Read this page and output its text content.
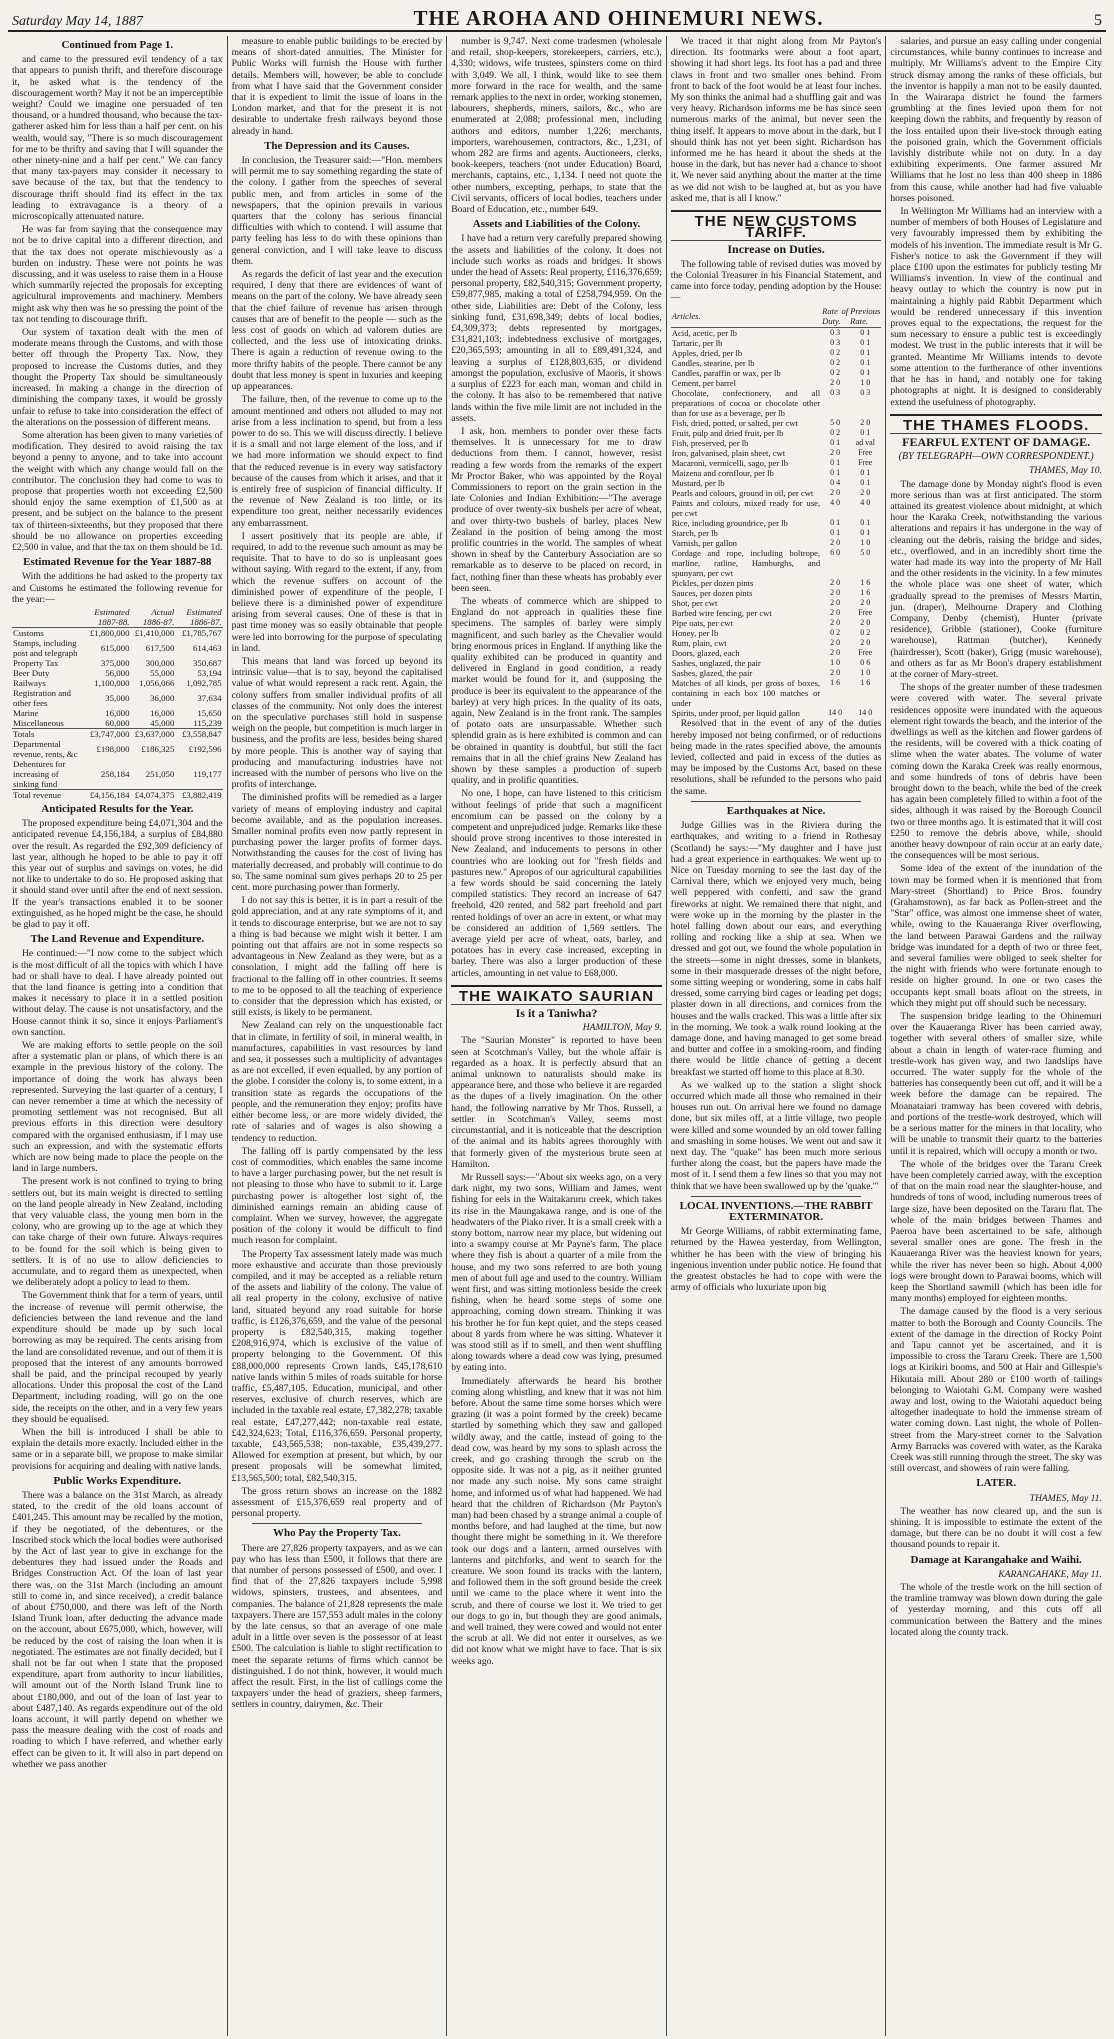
Saturday May 14, 1887	THE AROHA AND OHINEMURI NEWS.	5
Continued from Page 1.

and came to the pressured evil tendency of a tax that appears to punish thrift, and therefore discourage it, he asked what is the tendency of the discouragement worth? May it not be an imperceptible weight? Could we imagine one persuaded of ten thousand, or a hundred thousand, who because the tax-gatherer asked him for less than a half per cent. on his wealth, would say, "There is so much discouragement for me to be thrifty and saving that I will squander the other ninety-nine and a half per cent." We can fancy that many tax-payers may consider it necessary to save because of the tax, but that the tendency to discourage thrift should find its effect in the tax leading to extravagance is a theory of a microscopically attenuated nature.

He was far from saying that the consequence may not be to drive capital into a different direction, and that the tax does not operate mischievously as a burden on industry. These were not points he was discussing, and it was useless to raise them in a House which summarily rejected the proposals for excepting agricultural improvements and machinery. Members might ask why then was he so pressing the point of the tax not tending to discourage thrift.

Our system of taxation dealt with the men of moderate means through the Customs, and with those better off through the Property Tax. Now, they proposed to increase the Customs duties, and they thought the Property Tax should be simultaneously increased. In making a change in the direction of diminishing the company taxes, it would be grossly unfair to refuse to take into consideration the effect of the alterations on the possession of different means.

Some alteration has been given to many varieties of modification. They desired to avoid raising the tax beyond a penny to anyone, and to take into account the weight with which any change would fall on the contributor. The conclusion they had come to was to propose that properties worth not exceeding £2,500 should enjoy the same exemption of £1,500 as at present, and be subject on the balance to the present tax of thirteen-sixteenths, but they proposed that there should be no allowance on properties exceeding £2,500 in value, and that the tax on them should be 1d.

Estimated Revenue for the Year 1887-88

With the additions he had asked to the property tax and Customs he estimated the following revenue for the year:—

	Estimated 1887-88.	Actual 1886-87.	Estimated 1886-87.
Customs	£1,800,000	£1,410,000	£1,785,767
Stamps, including post and telegraph	615,000	617,500	614,463
Property Tax	375,000	300,000	350,687
Beer Duty	56,000	55,000	53,194
Railways	1,100,000	1,056,066	1,092,785
Registration and other fees	35,000	36,000	37,634
Marine	16,000	16,000	15,650
Miscellaneous	60,000	45,000	115,239
Totals	£3,747,000	£3,637,000	£3,558,847
Departmental revenue, rents, &c	£198,000	£186,325	£192,596
Debentures for increasing of sinking fund	258,184	251,050	119,177
Total revenue	£4,156,184	£4,074,375	£3,882,419
Anticipated Results for the Year.

The proposed expenditure being £4,071,304 and the anticipated revenue £4,156,184, a surplus of £84,880 over the result. As regarded the £92,309 deficiency of last year, although he hoped to be able to pay it off this year out of surplus and savings on votes, he did not like to undertake to do so. He proposed asking that it should stand over until after the end of next session. If the year's transactions enabled it to be sooner extinguished, as he hoped might be the case, he should be glad to pay it off.

The Land Revenue and Expenditure.

He continued:—"I now come to the subject which is the most difficult of all the topics with which I have had or shall have to deal. I have already pointed out that the land finance is getting into a condition that makes it necessary to place it in a settled position without delay. The cause is not unsatisfactory, and the House cannot think it so, since it enjoys Parliament's own sanction.

We are making efforts to settle people on the soil after a systematic plan or plans, of which there is an example in the previous history of the colony. The importance of doing the work has always been represented. Surveying the last quarter of a century, I can never remember a time at which the necessity of promoting settlement was not recognised. But all previous efforts in this direction were desultory compared with the organised enthusiasm, if I may use such an expression, and with the systematic efforts which are now being made to place the people on the land in large numbers.

The present work is not confined to trying to bring settlers out, but its main weight is directed to settling on the land people already in New Zealand, including that very valuable class, the young men born in the colony, who are growing up to the age at which they can take charge of their own future. Always requires to be found for the soil which is being given to settlers. It is of no use to allow deficiencies to accumulate, and to regard them as unexpected, when we deliberately adopt a policy to lead to them.

The Government think that for a term of years, until the increase of revenue will permit otherwise, the deficiencies between the land revenue and the land expenditure should be made up by such local borrowing as may be required. The cents arising from the land are consolidated revenue, and out of them it is proposed that the interest of any amounts borrowed shall be paid, and the principal recouped by yearly allocations. Under this proposal the cost of the Land Department, including roading, will go on the one side, the receipts on the other, and in a very few years they should be equalised.

When the bill is introduced I shall be able to explain the details more exactly. Included either in the same or in a separate bill, we propose to make similar provisions for acquiring and dealing with native lands.

Public Works Expenditure.

There was a balance on the 31st March, as already stated, to the credit of the old loans account of £401,245. This amount may be recalled by the motion, if they be negotiated, of the debentures, or the Inscribed stock which the local bodies were authorised by the Act of last year to give in exchange for the debentures they had issued under the Roads and Bridges Construction Act. Of the loan of last year there was, on the 31st March (including an amount still to come in, and since received), a credit balance of about £750,000, and there was left of the North Island Trunk loan, after deducting the advance made on the account, about £675,000, which, however, will be reduced by the cost of raising the loan when it is negotiated. The estimates are not finally decided, but I shall not be far out when I state that the proposed expenditure, apart from authority to incur liabilities, will amount out of the North Island Trunk line to about £180,000, and out of the loan of last year to about £487,140. As regards expenditure out of the old loans account, it will partly depend on whether we pass the measure dealing with the cost of roads and roading to which I have referred, and whether early effect can be given to it. It will also in part depend on whether we pass another

measure to enable public buildings to be erected by means of short-dated annuities. The Minister for Public Works will furnish the House with further details. Members will, however, be able to conclude from what I have said that the Government consider that it is expedient to limit the issue of loans in the London market, and that for the present it is not desirable to undertake fresh railways beyond those already in hand.

The Depression and its Causes.

In conclusion, the Treasurer said:—"Hon. members will permit me to say something regarding the state of the colony. I gather from the speeches of several public men, and from articles in some of the newspapers, that the opinion prevails in various quarters that the colony has serious financial difficulties with which to contend. I will assume that party feeling has less to do with these opinions than general conviction, and I will take leave to discuss them.

As regards the deficit of last year and the execution required, I deny that there are evidences of want of means on the part of the colony. We have already seen that the chief failure of revenue has arisen through causes that are of benefit to the people — such as the less cost of goods on which ad valorem duties are collected, and the less use of intoxicating drinks. There is again a reduction of revenue owing to the more thrifty habits of the people. There cannot be any doubt that less money is spent in luxuries and keeping up appearances.

The failure, then, of the revenue to come up to the amount mentioned and others not alluded to may not arise from a less inclination to spend, but from a less power to do so. This we will discuss directly. I believe it is a small and not large element of the loss, and if we had more information we should expect to find that the reduced revenue is in every way satisfactory because of the causes from which it arises, and that it is entirely free of suspicion of financial difficulty. If the revenue of New Zealand is too little, or its expenditure too great, neither necessarily evidences any embarrassment.

I assert positively that its people are able, if required, to add to the revenue such amount as may be requisite. That to have to do so is unpleasant goes without saying. With regard to the extent, if any, from which the revenue suffers on account of the diminished power of expenditure of the people, I believe there is a diminished power of expenditure arising from several causes. One of these is that in past time money was so easily obtainable that people were led into borrowing for the purpose of speculating in land.

This means that land was forced up beyond its intrinsic value—that is to say, beyond the capitalised value of what would represent a rack rent. Again, the colony suffers from smaller individual profits of all classes of the community. Not only does the interest on the speculative purchases still hold in suspense weigh on the people, but competition is much larger in business, and the profits are less, besides being shared by more people. This is another way of saying that producing and manufacturing industries have not increased with the number of persons who live on the profits of interchange.

The diminished profits will be remedied as a larger variety of means of employing industry and capital become available, and as the population increases. Smaller nominal profits even now partly represent in purchasing power the larger profits of former days. Notwithstanding the causes for the cost of living has materially decreased, and probably will continue to do so. The same nominal sum gives perhaps 20 to 25 per cent. more purchasing power than formerly.

I do not say this is better, it is in part a result of the gold appreciation, and at any rate symptoms of it, and it tends to discourage enterprise, but we are not to say a thing is bad because we might wish it better. I am pointing out that affairs are not in some respects so advantageous in New Zealand as they were, but as a consolation, I might add the falling off here is fractional to the falling off in other countries. It seems to me to be opposed to all the teaching of experience to consider that the depression which has existed, or still exists, is likely to be permanent.

New Zealand can rely on the unquestionable fact that in climate, in fertility of soil, in mineral wealth, in manufactures, capabilities in vast resources by land and sea, it possesses such a multiplicity of advantages as are not excelled, if even equalled, by any portion of the globe. I consider the colony is, to some extent, in a transition state as regards the occupations of the people, and the remuneration they enjoy; profits have either become less, or are more widely divided, the rate of salaries and of wages is also showing a tendency to reduction.

The falling off is partly compensated by the less cost of commodities, which enables the same income to have a larger purchasing power, but the net result is not pleasing to those who have to submit to it. Large purchasing power is altogether lost sight of, the diminished earnings remain an abiding cause of complaint. When we survey, however, the aggregate position of the colony it would be difficult to find much reason for complaint.

The Property Tax assessment lately made was much more exhaustive and accurate than those previously compiled, and it may be accepted as a reliable return of the assets and liability of the colony. The value of all real property in the colony, exclusive of native land, situated beyond any road suitable for horse traffic, is £126,376,659, and the value of the personal property is £82,540,315, making together £208,916,974, which is exclusive of the value of property belonging to the Government. Of this £88,000,000 represents Crown lands, £45,178,610 native lands within 5 miles of roads suitable for horse traffic, £5,487,105. Education, municipal, and other reserves, exclusive of church reserves, which are included in the taxable real estate, £7,382,278; taxable real estate, £47,277,442; non-taxable real estate, £42,324,623; Total, £116,376,659. Personal property, taxable, £43,565,538; non-taxable, £35,439,277. Allowed for exemption at present, but which, by our present proposals will be somewhat limited, £13,565,500; total, £82,540,315.

The gross return shows an increase on the 1882 assessment of £15,376,659 real property and of personal property.

Who Pay the Property Tax.

There are 27,826 property taxpayers, and as we can pay who has less than £500, it follows that there are that number of persons possessed of £500, and over. I find that of the 27,826 taxpayers include 5,998 widows, spinsters, trustees, and absentees, and companies. The balance of 21,828 represents the male taxpayers. There are 157,553 adult males in the colony by the late census, so that an average of one male adult in a little over seven is the possessor of at least £500. The calculation is liable to slight rectification to meet the separate returns of firms which cannot be distinguished. I do not think, however, it would much affect the result. First, in the list of callings come the taxpayers under the head of graziers, sheep farmers, settlers in country, dairymen, &c. Their

number is 9,747. Next come tradesmen (wholesale and retail, shop-keepers, storekeepers, carriers, etc.), 4,330; widows, wife trustees, spinsters come on third with 3,049. We all, I think, would like to see them more forward in the race for wealth, and the same remark applies to the next in order, working stonemen, labourers, shepherds, miners, sailors, &c., who are enumerated at 2,088; professional men, including authors and editors, number 1,226; merchants, importers, warehousemen, contractors, &c., 1,231, of whom 282 are firms and agents. Auctioneers, clerks, book-keepers, teachers (not under Education) Board, merchants, captains, etc., 1,134. I need not quote the other numbers, excepting, perhaps, to state that the Civil servants, officers of local bodies, teachers under Board of Education, etc., number 649.

Assets and Liabilities of the Colony.

I have had a return very carefully prepared showing the assets and liabilities of the colony. It does not include such works as roads and bridges. It shows under the head of Assets: Real property, £116,376,659; personal property, £82,540,315; Government property, £59,877,985, making a total of £258,794,959. On the other side, Liabilities are: Debt of the Colony, less sinking fund, £31,698,349; debts of local bodies, £4,309,373; debts represented by mortgages, £31,821,103; indebtedness exclusive of mortgages, £20,365,593; amounting in all to £89,491,324, and leaving a surplus of £128,803,635, or dividend amongst the population, exclusive of Maoris, it shows a surplus of £223 for each man, woman and child in the colony. It has also to be remembered that native lands within the five mile limit are not included in the assets.

I ask, hon. members to ponder over these facts themselves. It is unnecessary for me to draw deductions from them. I cannot, however, resist reading a few words from the remarks of the expert Mr Proctor Baker, who was appointed by the Royal Commissioners to report on the grain section in the late Colonies and Indian Exhibition:—"The average produce of over twenty-six bushels per acre of wheat, and over thirty-two bushels of barley, places New Zealand in the position of being among the most prolific countries in the world. The samples of wheat shown in sheaf by the Canterbury Association are so remarkable as to deserve to be placed on record, in fact, nothing finer than these wheats has probably ever been seen.

The wheats of commerce which are shipped to England do not approach in qualities these fine specimens. The samples of barley were simply magnificent, and such barley as the Chevalier would bring enormous prices in England. If anything like the quality exhibited can be produced in quantity and delivered in England in good condition, a ready market would be found for it, and (supposing the produce is beer its equivalent to the appearance of the barley) at very high prices. In the quality of its oats, again, New Zealand is in the front rank. The samples of potato oats are unsurpassable. Whether such splendid grain as is here exhibited is common and can be obtained in quantity is doubtful, but still the fact remains that in all the chief grains New Zealand has shown by these samples a production of superb quality, and in prolific quantities.

No one, I hope, can have listened to this criticism without feelings of pride that such a magnificent encomium can be passed on the colony by a competent and unprejudiced judge. Remarks like these should prove strong incentives to those interested in New Zealand, and inducements to persons in other countries who are looking out for "fresh fields and pastures new." Apropos of our agricultural capabilities a few words should be said concerning the lately compiled statistics. They record an increase of 647 freehold, 420 rented, and 582 part freehold and part rented holdings of over an acre in extent, or what may be considered an addition of 1,569 settlers. The average yield per acre of wheat, oats, barley, and potatoes has in every case increased, excepting in barley. There was also a larger production of these articles, amounting in net value to £68,000.

THE WAIKATO SAURIAN
Is it a Taniwha?
HAMILTON, May 9.

The "Saurian Monster" is reported to have been seen at Scotchman's Valley, but the whole affair is regarded as a hoax. It is perfectly absurd that an animal unknown to naturalists should make its appearance here, and those who believe it are regarded as the dupes of a lively imagination. On the other hand, the following narrative by Mr Thos. Russell, a settler in Scotchman's Valley, seems most circumstantial, and it is noticeable that the description of the animal and its habits agrees thoroughly with that formerly given of the mysterious brute seen at Hamilton.

Mr Russell says:—"About six weeks ago, on a very dark night, my two sons, William and James, went fishing for eels in the Waitakaruru creek, which takes its rise in the Maungakawa range, and is one of the headwaters of the Piako river. It is a small creek with a stony bottom, narrow near my place, but widening out into a swampy course at Mr Payne's farm. The place where they fish is about a quarter of a mile from the house, and my two sons referred to are both young men of about full age and used to the country. William went first, and was sitting motionless beside the creek fishing, when he heard some steps of some one approaching, coming down stream. Thinking it was his brother he for fun kept quiet, and the steps ceased about 8 yards from where he was sitting. Whatever it was stood still as if to smell, and then went shuffling along towards where a dead cow was lying, presumed by eating into.

Immediately afterwards he heard his brother coming along whistling, and knew that it was not him before. About the same time some horses which were grazing (it was a point formed by the creek) became startled by something which they saw and galloped wildly away, and the cattle, instead of going to the dead cow, was heard by my sons to splash across the creek, and go crashing through the scrub on the opposite side. It was not a pig, as it neither grunted nor made any such noise. My sons came straight home, and informed us of what had happened. We had heard that the children of Richardson (Mr Payton's man) had been chased by a strange animal a couple of months before, and had laughed at the time, but now thought there might be something in it. We therefore took our dogs and a lantern, armed ourselves with lanterns and pitchforks, and went to search for the creature. We soon found its tracks with the lantern, and followed them in the soft ground beside the creek until we came to the place where it went into the scrub, and there of course we lost it. We tried to get our dogs to go in, but though they are good animals, and well trained, they were cowed and would not enter the scrub at all. We did not enter it ourselves, as we did not know what we might have to face. That is six weeks ago.

We traced it that night along from Mr Payton's direction. Its footmarks were about a foot apart, showing it had short legs. Its foot has a pad and three claws in front and two smaller ones behind. From front to back of the foot would be at least four inches. My son thinks the animal had a shuffling gait and was very heavy. Richardson informs me he has since seen numerous marks of the animal, but never seen the thing itself. It appears to move about in the dark, but I should think has not yet been sight. Richardson has informed me he has heard it about the sheds at the house in the dark, but has never had a chance to shoot it. We never said anything about the matter at the time as we did not wish to be laughed at, but as you have asked me, that is all I know."

THE NEW CUSTOMS TARIFF.
Increase on Duties.

The following table of revised duties was moved by the Colonial Treasurer in his Financial Statement, and came into force today, pending adoption by the House:—

Articles.	Rate of Duty.	Previous Rate.
Acid, acetic, per lb	0 3	0 1
Tartaric, per lb	0 3	0 1
Apples, dried, per lb	0 2	0 1
Candles, stearine, per lb	0 2	0 1
Candles, paraffin or wax, per lb	0 2	0 1
Cement, per barrel	2 0	1 0
Chocolate, confectionery, and all preparations of cocoa or chocolate other than for use as a beverage, per lb	0 3	0 3
Fish, dried, potted, or salted, per cwt	5 0	2 0
Fruit, pulp and dried fruit, per lb	0 2	0 1
Fish, preserved, per lb	0 1	ad val
Iron, galvanised, plain sheet, cwt	2 0	Free
Macaroni, vermicelli, sago, per lb	0 1	Free
Maizena and cornflour, per lb	0 1	0 1
Mustard, per lb	0 4	0 1
Pearls and colours, ground in oil, per cwt	2 0	2 0
Paints and colours, mixed ready for use, per cwt	4 0	4 0
Rice, including groundrice, per lb	0 1	0 1
Starch, per lb	0 1	0 1
Varnish, per gallon	2 0	1 0
Cordage and rope, including boltrope, marline, ratline, Hamburghs, and spunyarn, per cwt	6 0	5 0
Pickles, per dozen pints	2 0	1 6
Sauces, per dozen pints	2 0	1 6
Shot, per cwt	2 0	2 0
Barbed wire fencing, per cwt	2 0	Free
Pipe oats, per cwt	2 0	2 0
Honey, per lb	0 2	0 2
Rum, plain, cwt	2 0	2 0
Doors, glazed, each	2 0	Free
Sashes, unglazed, the pair	1 0	0 6
Sashes, glazed, the pair	2 0	1 0
Matches of all kinds, per gross of boxes, containing in each box 100 matches or under	1 6	1 6
Spirits, under proof, per liquid gallon	14 0	14 0

Resolved that in the event of any of the duties hereby imposed not being confirmed, or of reductions being made in the rates specified above, the amounts levied, collected and paid in excess of the duties as may be imposed by the Customs Act, based on these resolutions, shall be refunded to the persons who paid the same.

Earthquakes at Nice.

Judge Gillies was in the Riviera during the earthquakes, and writing to a friend in Rothesay (Scotland) he says:—"My daughter and I have just had a great experience in earthquakes. We went up to Nice on Tuesday morning to see the last day of the Carnival there, which we enjoyed very much, being well peppered with confetti, and saw the grand fireworks at night. We remained there that night, and were woke up in the morning by the plaster in the hotel falling down about our ears, and everything rolling and rocking like a ship at sea. When we dressed and got out, we found the whole population in the streets—some in night dresses, some in blankets, some in their masquerade dresses of the night before, some sitting weeping or wondering, some in cabs half dressed, some carrying bird cages or leading pet dogs; plaster down in all directions, and cornices from the houses and the walls cracked. This was a little after six in the morning. We took a walk round looking at the damage done, and having managed to get some bread and butter and coffee in a smoking-room, and finding there would be little chance of getting a decent breakfast we started off home to this place at 8.30.

As we walked up to the station a slight shock occurred which made all those who remained in their houses run out. On arrival here we found no damage done, but six miles off, at a little village, two people were killed and some wounded by an old tower falling and smashing in some houses. We went out and saw it next day. The "quake" has been much more serious further along the coast, but the papers have made the most of it. I send them a few lines so that you may not think that we have been swallowed up by the 'quake.'"

LOCAL INVENTIONS.—THE RABBIT EXTERMINATOR.

Mr George Williams, of rabbit exterminating fame, returned by the Hawea yesterday, from Wellington, whither he has been with the view of bringing his ingenious invention under public notice. He found that the greatest obstacles he had to cope with were the army of officials who luxuriate upon big

salaries, and pursue an easy calling under congenial circumstances, while bunny continues to increase and multiply. Mr Williams's advent to the Empire City struck dismay among the ranks of these officials, but the inventor is happily a man not to be easily daunted. In the Wairarapa district he found the farmers grumbling at the fines levied upon them for not keeping down the rabbits, and frequently by reason of the loss entailed upon their live-stock through eating the poisoned grain, which the Government officials lavishly distribute while not on duty. In a day exhibiting experiments. One farmer assured Mr Williams that he lost no less than 400 sheep in 1886 from this cause, while another had had five valuable horses poisoned.

In Wellington Mr Williams had an interview with a number of members of both Houses of Legislature and very favourably impressed them by exhibiting the models of his invention. The immediate result is Mr G. Fisher's notice to ask the Government if they will place £100 upon the estimates for publicly testing Mr Williams's invention. In view of the continual and heavy outlay to which the country is now put in maintaining a highly paid Rabbit Department which would be rendered unnecessary if this invention proves equal to the expectations, the request for the sum necessary to ensure a public test is exceedingly modest. We trust in the public interests that it will be granted. Meantime Mr Williams intends to devote some attention to the furtherance of other inventions that he has in hand, and notably one for taking photographs at night. It is designed to considerably extend the usefulness of photography.

THE THAMES FLOODS.
FEARFUL EXTENT OF DAMAGE.
(BY TELEGRAPH—OWN CORRESPONDENT.)
THAMES, May 10.

The damage done by Monday night's flood is even more serious than was at first anticipated. The storm attained its greatest violence about midnight, at which hour the Karaka Creek, notwithstanding the various alterations and repairs it has undergone in the way of cleaning out the debris, raising the bridge and sides, etc., overflowed, and in an incredibly short time the water had made its way into the property of Mr Hall and the other residents in the vicinity. In a few minutes the whole place was one sheet of water, which gradually spread to the premises of Messrs Martin, jun. (draper), Melbourne Drapery and Clothing Company, Denby (chemist), Hunter (private residence), Gribble (stationer), Cooke (furniture warehouse), Rattman (butcher), Kennedy (hairdresser), Scott (baker), Grigg (music warehouse), and others as far as Mr Boon's drapery establishment at the corner of Mary-street.

The shops of the greater number of these tradesmen were covered with water. The several private residences opposite were inundated with the aqueous element right towards the beach, and the interior of the dwellings as well as the kitchen and flower gardens of the residents, will be covered with a thick coating of slime when the water abates. The volume of water coming down the Karaka Creek was really enormous, and some hundreds of tons of debris have been brought down to the beach, while the bed of the creek has again been completely filled to within a foot of the sides, although it was raised by the Borough Council two or three months ago. It is estimated that it will cost £250 to remove the debris above, while, should another heavy downpour of rain occur at an early date, the consequences will be most serious.

Some idea of the extent of the inundation of the town may be formed when it is mentioned that from Mary-street (Shortland) to Price Bros. foundry (Grahamstown), as far back as Pollen-street and the "Star" office, was almost one immense sheet of water, while, owing to the Kauaeranga River overflowing, the land between Parawai Gardens and the railway bridge was inundated for a depth of two or three feet, and several families were obliged to seek shelter for the night with friends who were fortunate enough to reside on higher ground. In one or two cases the occupants kept small boats afloat on the streets, in which they might put off should such be necessary.

The suspension bridge leading to the Ohinemuri over the Kauaeranga River has been carried away, together with several others of smaller size, while about a chain in length of water-race fluming and trestle-work has given way, and two landslips have occurred. The water supply for the whole of the batteries has consequently been cut off, and it will be a week before the damage can be repaired. The Moanataiari tramway has been covered with debris, and portions of the trestle-work destroyed, which will be a serious matter for the miners in that locality, who will be unable to transmit their quartz to the batteries until it is repaired, which will occupy a month or two.

The whole of the bridges over the Tararu Creek have been completely carried away, with the exception of that on the main road near the slaughter-house, and hundreds of tons of wood, including numerous trees of large size, have been deposited on the Tararu flat. The whole of the main bridges between Thames and Paeroa have been ascertained to be safe, although several smaller ones are gone. The fresh in the Kauaeranga River was the heaviest known for years, while the river has never been so high. About 4,000 logs were brought down to Parawai booms, which will keep the Shortland sawmill (which has been idle for many months) employed for eighteen months.

The damage caused by the flood is a very serious matter to both the Borough and County Councils. The extent of the damage in the direction of Rocky Point and Tapu cannot yet be ascertained, and it is impossible to cross the Tararu Creek. There are 1,500 logs at Kirikiri booms, and 500 at Hair and Gillespie's Hikutaia mill. About 280 or £100 worth of tailings belonging to Waiotahi G.M. Company were washed away and lost, owing to the Waiotahi aqueduct being altogether inadequate to hold the immense stream of water coming down. Last night, the whole of Pollen-street from the Mary-street corner to the Salvation Army Barracks was covered with water, as the Karaka Creek was still running through the street. The sky was still overcast, and showers of rain were falling.

LATER.
THAMES, May 11.

The weather has now cleared up, and the sun is shining. It is impossible to estimate the extent of the damage, but there can be no doubt it will cost a few thousand pounds to repair it.

Damage at Karangahake and Waihi.
KARANGAHAKE, May 11.

The whole of the trestle work on the hill section of the tramline tramway was blown down during the gale of yesterday morning, and this cuts off all communication between the Battery and the mines located along the county track.
